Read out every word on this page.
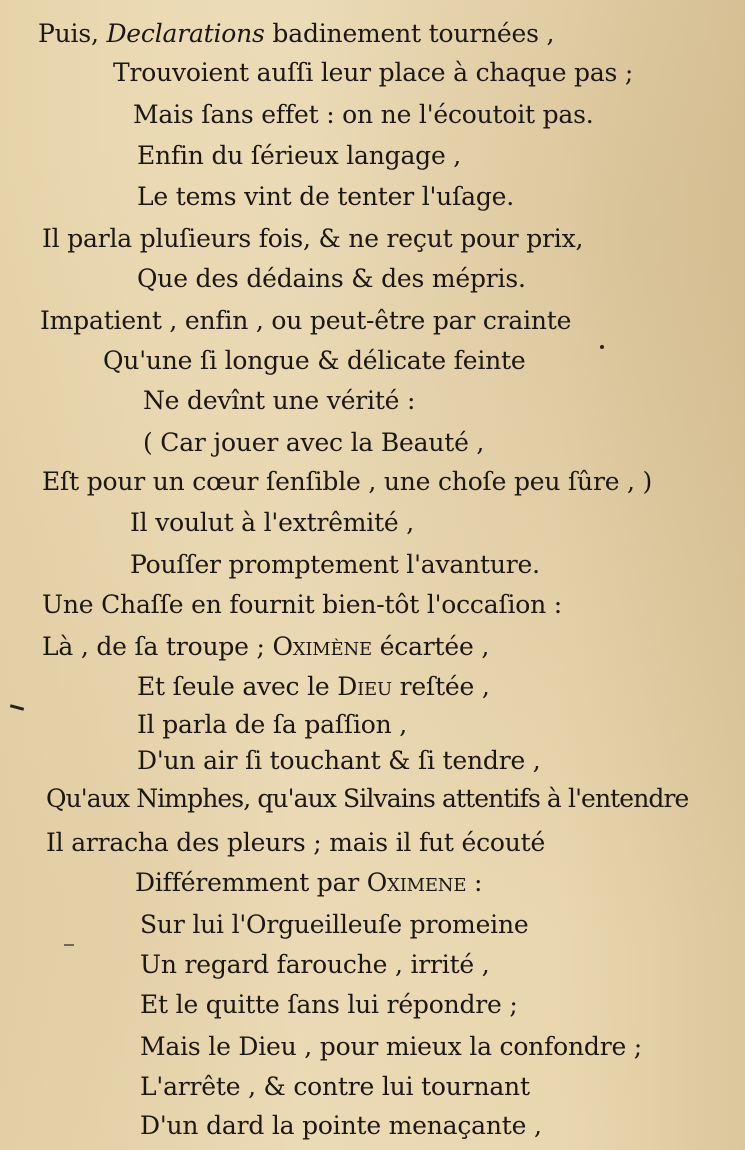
Puis, Declarations badinement tournées ,
Trouvoient auſſi leur place à chaque pas ;
Mais ſans effet : on ne l'écoutoit pas.
Enfin du ſérieux langage ,
Le tems vint de tenter l'uſage.
Il parla pluſieurs fois, & ne reçut pour prix,
Que des dédains & des mépris.
Impatient , enfin , ou peut-être par crainte
Qu'une ſi longue & délicate feinte
Ne devînt une vérité :
( Car jouer avec la Beauté ,
Eſt pour un cœur ſenſible , une choſe peu ſûre , )
Il voulut à l'extrêmité ,
Pouſſer promptement l'avanture.
Une Chaſſe en fournit bien-tôt l'occaſion :
Là , de ſa troupe ; Oximène écartée ,
Et ſeule avec le Dieu reſtée ,
Il parla de ſa paſſion ,
D'un air ſi touchant & ſi tendre ,
Qu'aux Nimphes, qu'aux Silvains attentifs à l'entendre
Il arracha des pleurs ; mais il fut écouté
Différemment par Oximene :
Sur lui l'Orgueilleuſe promeine
Un regard farouche , irrité ,
Et le quitte ſans lui répondre ;
Mais le Dieu , pour mieux la confondre ;
L'arrête , & contre lui tournant
D'un dard la pointe menaçante ,
